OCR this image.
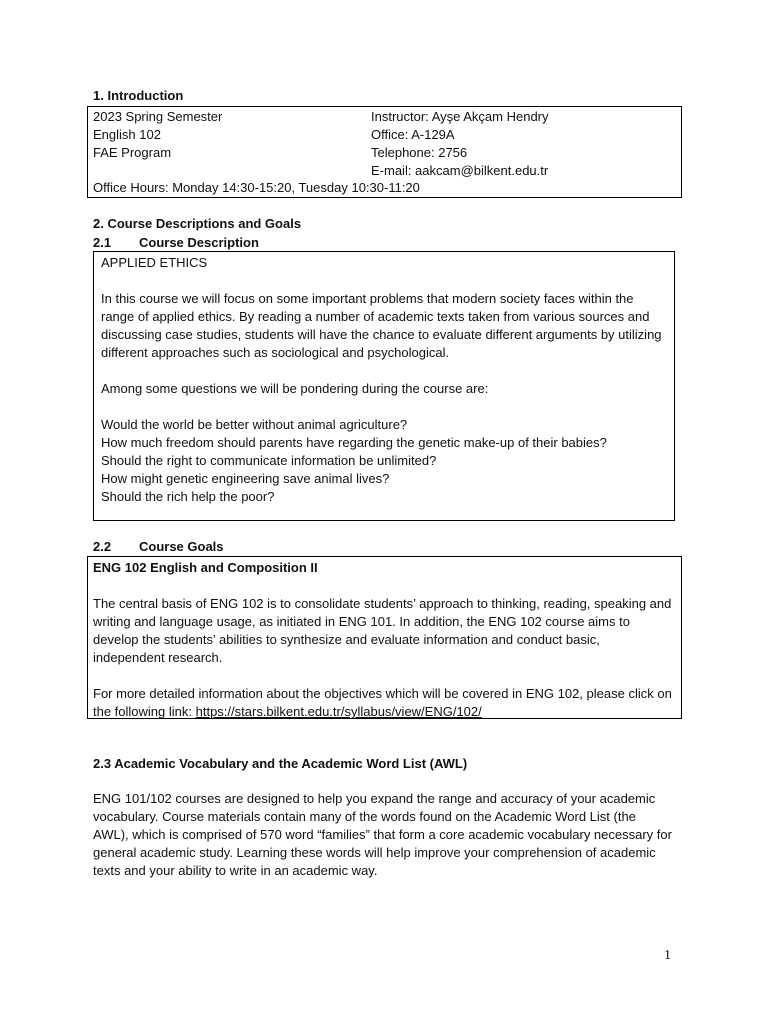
1. Introduction
2023 Spring Semester
English 102
FAE Program
Instructor: Ayşe Akçam Hendry
Office: A-129A
Telephone: 2756
E-mail: aakcam@bilkent.edu.tr
Office Hours: Monday 14:30-15:20, Tuesday 10:30-11:20
2. Course Descriptions and Goals
2.1 Course Description

APPLIED ETHICS

In this course we will focus on some important problems that modern society faces within the range of applied ethics. By reading a number of academic texts taken from various sources and discussing case studies, students will have the chance to evaluate different arguments by utilizing different approaches such as sociological and psychological.

Among some questions we will be pondering during the course are:

Would the world be better without animal agriculture?

How much freedom should parents have regarding the genetic make-up of their babies?

Should the right to communicate information be unlimited?

How might genetic engineering save animal lives?

Should the rich help the poor?

2.2 Course Goals

ENG 102 English and Composition II

The central basis of ENG 102 is to consolidate students’ approach to thinking, reading, speaking and writing and language usage, as initiated in ENG 101. In addition, the ENG 102 course aims to develop the students’ abilities to synthesize and evaluate information and conduct basic, independent research.

For more detailed information about the objectives which will be covered in ENG 102, please click on the following link: https://stars.bilkent.edu.tr/syllabus/view/ENG/102/

2.3 Academic Vocabulary and the Academic Word List (AWL)

ENG 101/102 courses are designed to help you expand the range and accuracy of your academic vocabulary. Course materials contain many of the words found on the Academic Word List (the AWL), which is comprised of 570 word “families” that form a core academic vocabulary necessary for general academic study. Learning these words will help improve your comprehension of academic texts and your ability to write in an academic way.

1
